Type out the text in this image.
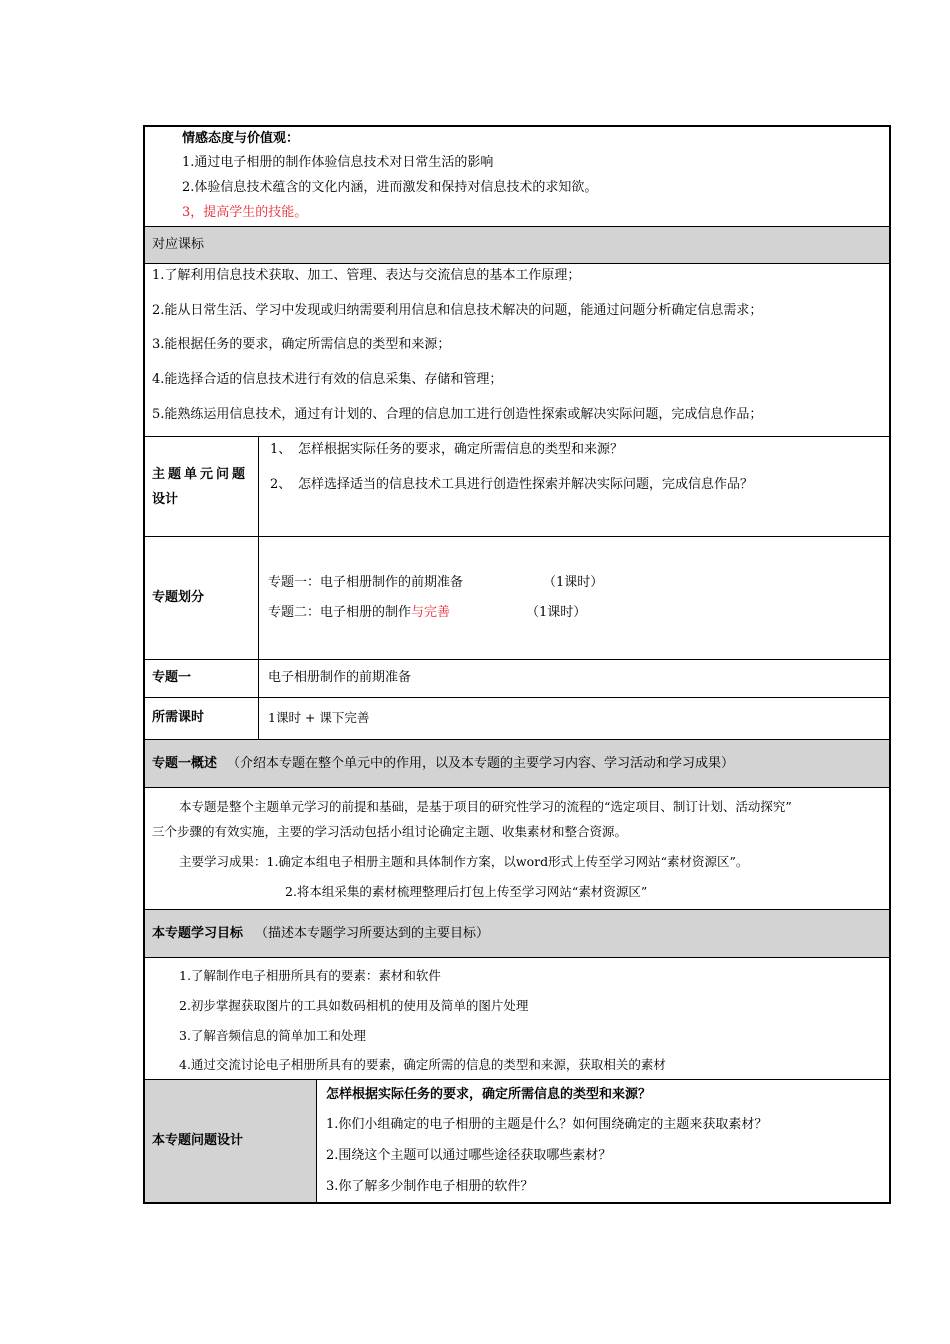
情感态度与价值观：
1.通过电子相册的制作体验信息技术对日常生活的影响
2.体验信息技术蕴含的文化内涵，进而激发和保持对信息技术的求知欲。
3，提高学生的技能。
对应课标
1.了解利用信息技术获取、加工、管理、表达与交流信息的基本工作原理；
2.能从日常生活、学习中发现或归纳需要利用信息和信息技术解决的问题，能通过问题分析确定信息需求；
3.能根据任务的要求，确定所需信息的类型和来源；
4.能选择合适的信息技术进行有效的信息采集、存储和管理；
5.能熟练运用信息技术，通过有计划的、合理的信息加工进行创造性探索或解决实际问题，完成信息作品；
主题单元问题
设计
1、 怎样根据实际任务的要求，确定所需信息的类型和来源？
2、 怎样选择适当的信息技术工具进行创造性探索并解决实际问题，完成信息作品？
专题划分
专题一：电子相册制作的前期准备	（1课时）
专题二：电子相册的制作与完善	（1课时）
专题一	电子相册制作的前期准备
所需课时	1课时 + 课下完善
专题一概述 （介绍本专题在整个单元中的作用，以及本专题的主要学习内容、学习活动和学习成果）
本专题是整个主题单元学习的前提和基础，是基于项目的研究性学习的流程的“选定项目、制订计划、活动探究”
三个步骤的有效实施，主要的学习活动包括小组讨论确定主题、收集素材和整合资源。
主要学习成果：1.确定本组电子相册主题和具体制作方案，以word形式上传至学习网站“素材资源区”。
2.将本组采集的素材梳理整理后打包上传至学习网站“素材资源区”
本专题学习目标 （描述本专题学习所要达到的主要目标）
1.了解制作电子相册所具有的要素：素材和软件
2.初步掌握获取图片的工具如数码相机的使用及简单的图片处理
3.了解音频信息的简单加工和处理
4.通过交流讨论电子相册所具有的要素，确定所需的信息的类型和来源，获取相关的素材
本专题问题设计
怎样根据实际任务的要求，确定所需信息的类型和来源？
1.你们小组确定的电子相册的主题是什么？如何围绕确定的主题来获取素材？
2.围绕这个主题可以通过哪些途径获取哪些素材？
3.你了解多少制作电子相册的软件？
